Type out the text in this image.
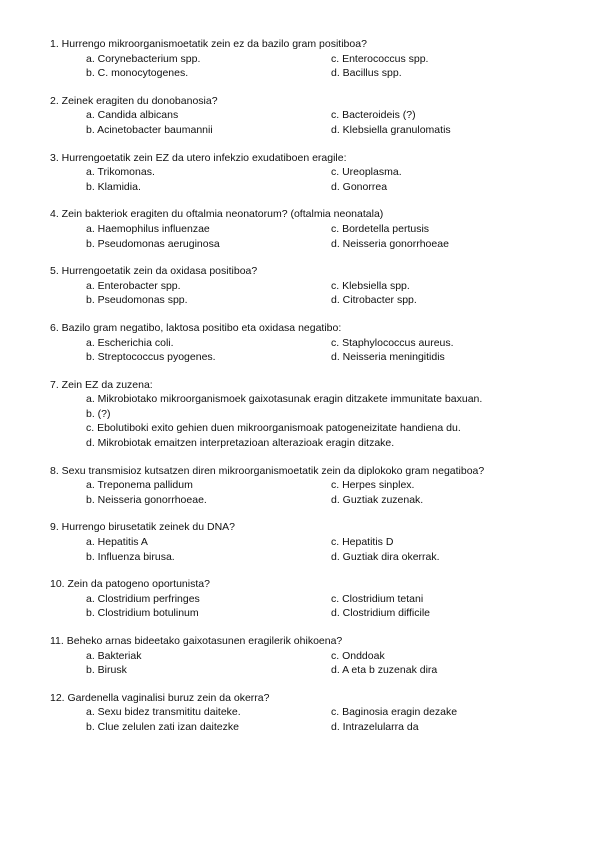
1. Hurrengo mikroorganismoetatik zein ez da bazilo gram positiboa?
a. Corynebacterium spp.	c. Enterococcus spp.
b. C. monocytogenes.	d. Bacillus spp.
2. Zeinek eragiten du donobanosia?
a. Candida albicans	c. Bacteroideis (?)
b. Acinetobacter baumannii	d. Klebsiella granulomatis
3. Hurrengoetatik zein EZ da utero infekzio exudatiboen eragile:
a. Trikomonas.	c. Ureoplasma.
b. Klamidia.	d. Gonorrea
4. Zein bakteriok eragiten du oftalmia neonatorum? (oftalmia neonatala)
a. Haemophilus influenzae	c. Bordetella pertusis
b. Pseudomonas aeruginosa	d. Neisseria gonorrhoeae
5. Hurrengoetatik zein da oxidasa positiboa?
a. Enterobacter spp.	c. Klebsiella spp.
b. Pseudomonas spp.	d. Citrobacter spp.
6. Bazilo gram negatibo, laktosa positibo eta oxidasa negatibo:
a. Escherichia coli.	c. Staphylococcus aureus.
b. Streptococcus pyogenes.	d. Neisseria meningitidis
7. Zein EZ da zuzena:
a. Mikrobiotako mikroorganismoek gaixotasunak eragin ditzakete immunitate baxuan.
b. (?)
c. Ebolutiboki exito gehien duen mikroorganismoak patogeneizitate handiena du.
d. Mikrobiotak emaitzen interpretazioan alterazioak eragin ditzake.
8. Sexu transmisioz kutsatzen diren mikroorganismoetatik zein da diplokoko gram negatiboa?
a. Treponema pallidum	c. Herpes sinplex.
b. Neisseria gonorrhoeae.	d. Guztiak zuzenak.
9. Hurrengo birusetatik zeinek du DNA?
a. Hepatitis A	c. Hepatitis D
b. Influenza birusa.	d. Guztiak dira okerrak.
10. Zein da patogeno oportunista?
a. Clostridium perfringes	c. Clostridium tetani
b. Clostridium botulinum	d. Clostridium difficile
11. Beheko arnas bideetako gaixotasunen eragilerik ohikoena?
a. Bakteriak	c. Onddoak
b. Birusk	d. A eta b zuzenak dira
12. Gardenella vaginalisi buruz zein da okerra?
a. Sexu bidez transmititu daiteke.	c. Baginosia eragin dezake
b. Clue zelulen zati izan daitezke	d. Intrazelularra da
